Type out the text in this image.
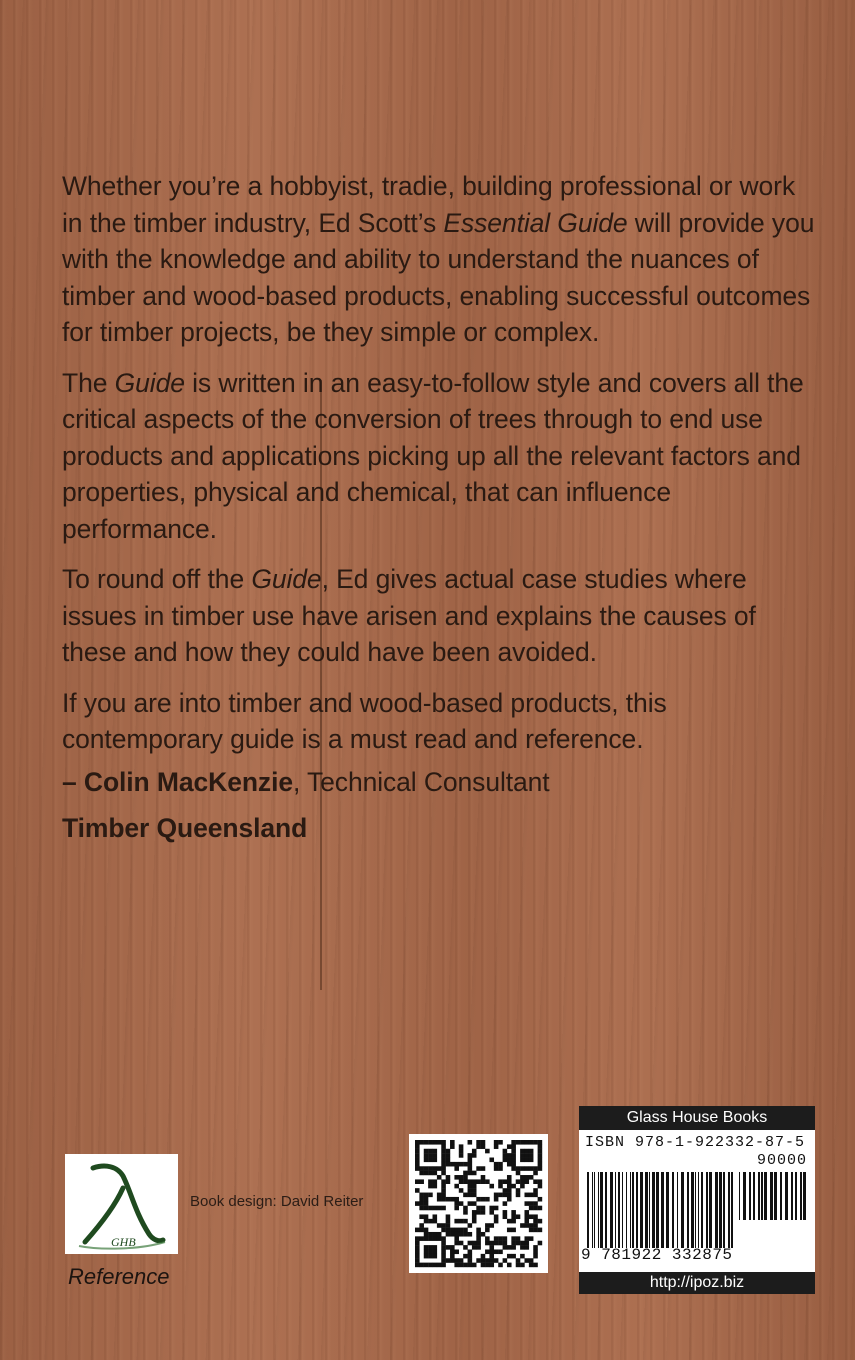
Whether you’re a hobbyist, tradie, building professional or work in the timber industry, Ed Scott’s Essential Guide will provide you with the knowledge and ability to understand the nuances of timber and wood-based products, enabling successful outcomes for timber projects, be they simple or complex.

The Guide is written in an easy-to-follow style and covers all the critical aspects of the conversion of trees through to end use products and applications picking up all the relevant factors and properties, physical and chemical, that can influence performance.

To round off the Guide, Ed gives actual case studies where issues in timber use have arisen and explains the causes of these and how they could have been avoided.

If you are into timber and wood-based products, this contemporary guide is a must read and reference.

– Colin MacKenzie, Technical Consultant

Timber Queensland

GHB
Reference
Book design: David Reiter
Glass House Books
ISBN 978-1-922332-87-5
90000
9 781922 332875
http://ipoz.biz
